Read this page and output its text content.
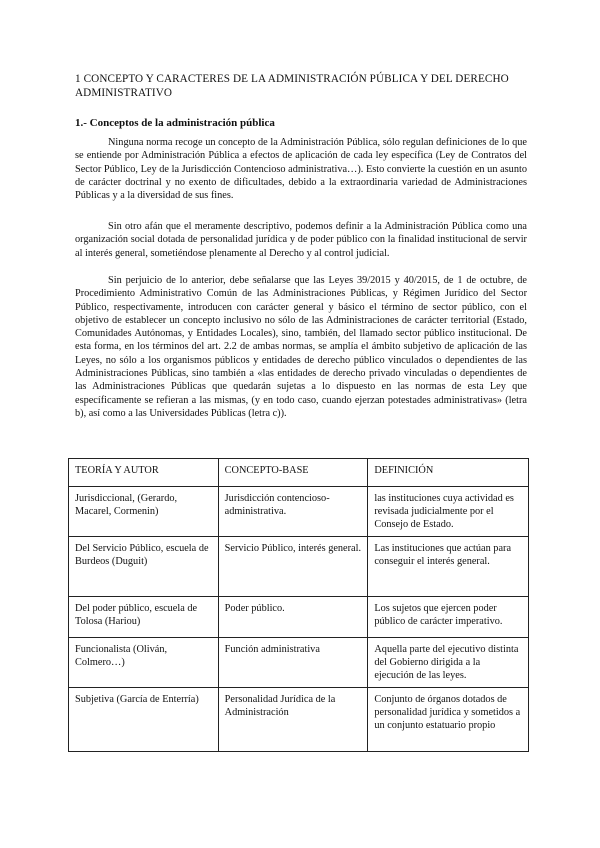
1 CONCEPTO Y CARACTERES DE LA ADMINISTRACIÓN PÚBLICA Y DEL DERECHO ADMINISTRATIVO
1.- Conceptos de la administración pública

Ninguna norma recoge un concepto de la Administración Pública, sólo regulan definiciones de lo que se entiende por Administración Pública a efectos de aplicación de cada ley específica (Ley de Contratos del Sector Público, Ley de la Jurisdicción Contencioso administrativa…). Esto convierte la cuestión en un asunto de carácter doctrinal y no exento de dificultades, debido a la extraordinaria variedad de Administraciones Públicas y a la diversidad de sus fines.

Sin otro afán que el meramente descriptivo, podemos definir a la Administración Pública como una organización social dotada de personalidad jurídica y de poder público con la finalidad institucional de servir al interés general, sometiéndose plenamente al Derecho y al control judicial.

Sin perjuicio de lo anterior, debe señalarse que las Leyes 39/2015 y 40/2015, de 1 de octubre, de Procedimiento Administrativo Común de las Administraciones Públicas, y Régimen Jurídico del Sector Público, respectivamente, introducen con carácter general y básico el término de sector público, con el objetivo de establecer un concepto inclusivo no sólo de las Administraciones de carácter territorial (Estado, Comunidades Autónomas, y Entidades Locales), sino, también, del llamado sector público institucional. De esta forma, en los términos del art. 2.2 de ambas normas, se amplía el ámbito subjetivo de aplicación de las Leyes, no sólo a los organismos públicos y entidades de derecho público vinculados o dependientes de las Administraciones Públicas, sino también a «las entidades de derecho privado vinculadas o dependientes de las Administraciones Públicas que quedarán sujetas a lo dispuesto en las normas de esta Ley que específicamente se refieran a las mismas, (y en todo caso, cuando ejerzan potestades administrativas» (letra b), así como a las Universidades Públicas (letra c)).

TEORÍA Y AUTOR	CONCEPTO-BASE	DEFINICIÓN
Jurisdiccional, (Gerardo, Macarel, Cormenin)	Jurisdicción contencioso-administrativa.	las instituciones cuya actividad es revisada judicialmente por el Consejo de Estado.
Del Servicio Público, escuela de Burdeos (Duguit)	Servicio Público, interés general.	Las instituciones que actúan para conseguir el interés general.
Del poder público, escuela de Tolosa (Hariou)	Poder público.	Los sujetos que ejercen poder público de carácter imperativo.
Funcionalista (Oliván, Colmero…)	Función administrativa	Aquella parte del ejecutivo distinta del Gobierno dirigida a la ejecución de las leyes.
Subjetiva (García de Enterría)	Personalidad Jurídica de la Administración	Conjunto de órganos dotados de personalidad jurídica y sometidos a un conjunto estatuario propio
